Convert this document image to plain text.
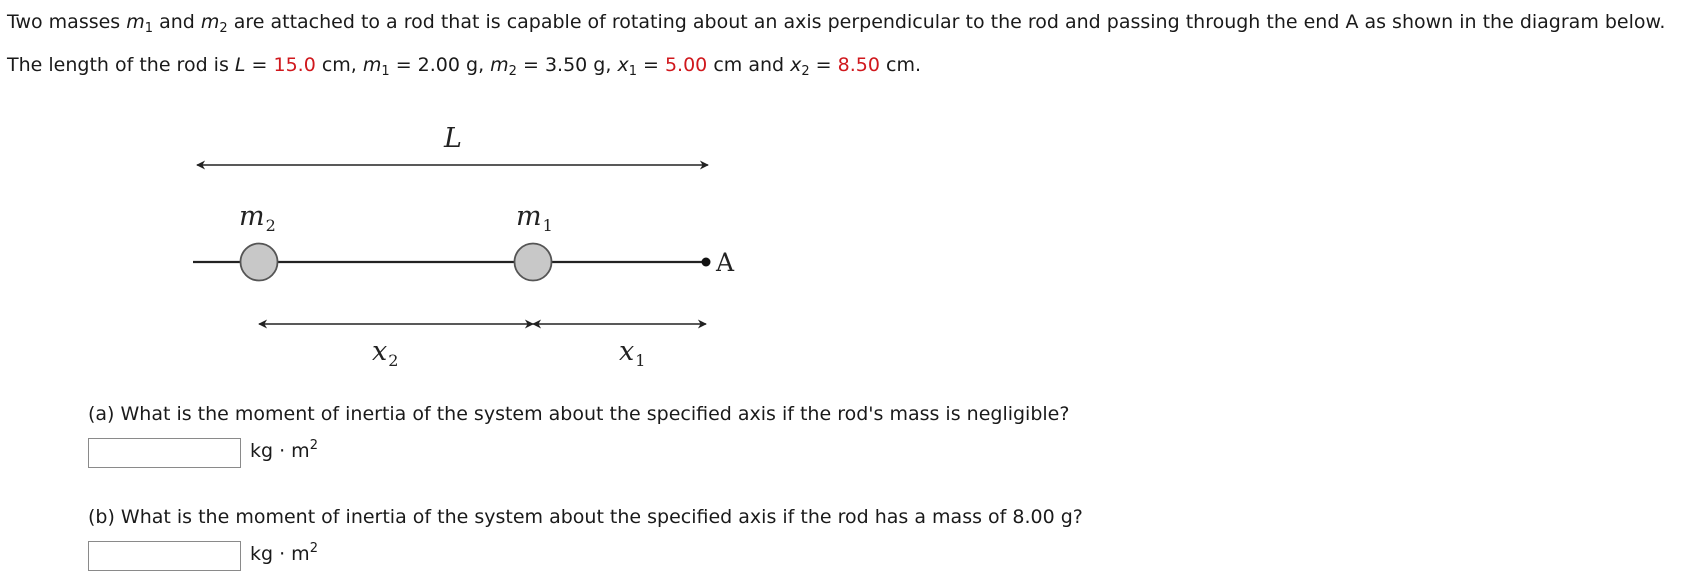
Two masses $m_1$ and $m_2$ are attached to a rod that is capable of rotating about an axis perpendicular to the rod and passing through the end A as shown in the diagram below. The length of the rod is L = 15.0 cm, $m_1 = 2.00$ g, $m_2 = 3.50$ g, $x_1 = 5.00$ cm and $x_2 = 8.50$ cm.
L
$m_2$	$m_1$
A
$x_2$	$x_1$
(a) What is the moment of inertia of the system about the specified axis if the rod's mass is negligible?
kg · $m^2$
(b) What is the moment of inertia of the system about the specified axis if the rod has a mass of 8.00 g?
kg · $m^2$
